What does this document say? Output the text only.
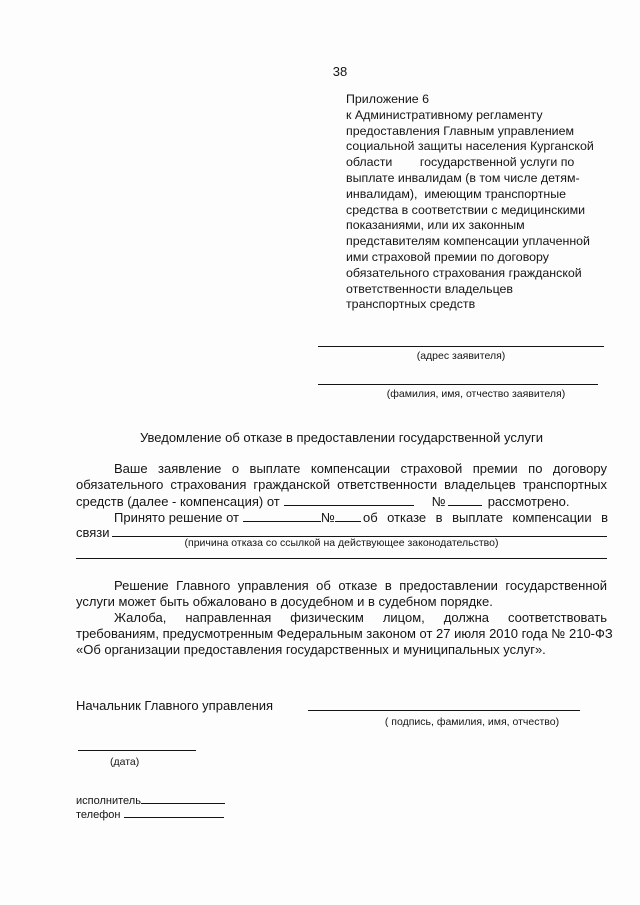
38
Приложение 6
к Административному регламенту
предоставления Главным управлением
социальной защиты населения Курганской
области        государственной услуги по
выплате инвалидам (в том числе детям-
инвалидам),  имеющим транспортные
средства в соответствии с медицинскими
показаниями, или их законным
представителям компенсации уплаченной
ими страховой премии по договору
обязательного страхования гражданской
ответственности владельцев
транспортных средств
(адрес заявителя)
(фамилия, имя, отчество заявителя)
Уведомление об отказе в предоставлении государственной услуги
Ваше заявление о выплате компенсации страховой премии по договору
обязательного страхования гражданской ответственности владельцев транспортных
средств (далее - компенсация) от	№	рассмотрено.
Принято решение от	№ об отказе в выплате компенсации в
связи
(причина отказа со ссылкой на действующее законодательство)
Решение Главного управления об отказе в предоставлении государственной
услуги может быть обжаловано в досудебном и в судебном порядке.
Жалоба,  направленная  физическим  лицом,  должна  соответствовать
требованиям, предусмотренным Федеральным законом от 27 июля 2010 года № 210-ФЗ
«Об организации предоставления государственных и муниципальных услуг».
Начальник Главного управления
( подпись, фамилия, имя, отчество)
(дата)
исполнитель
телефон
